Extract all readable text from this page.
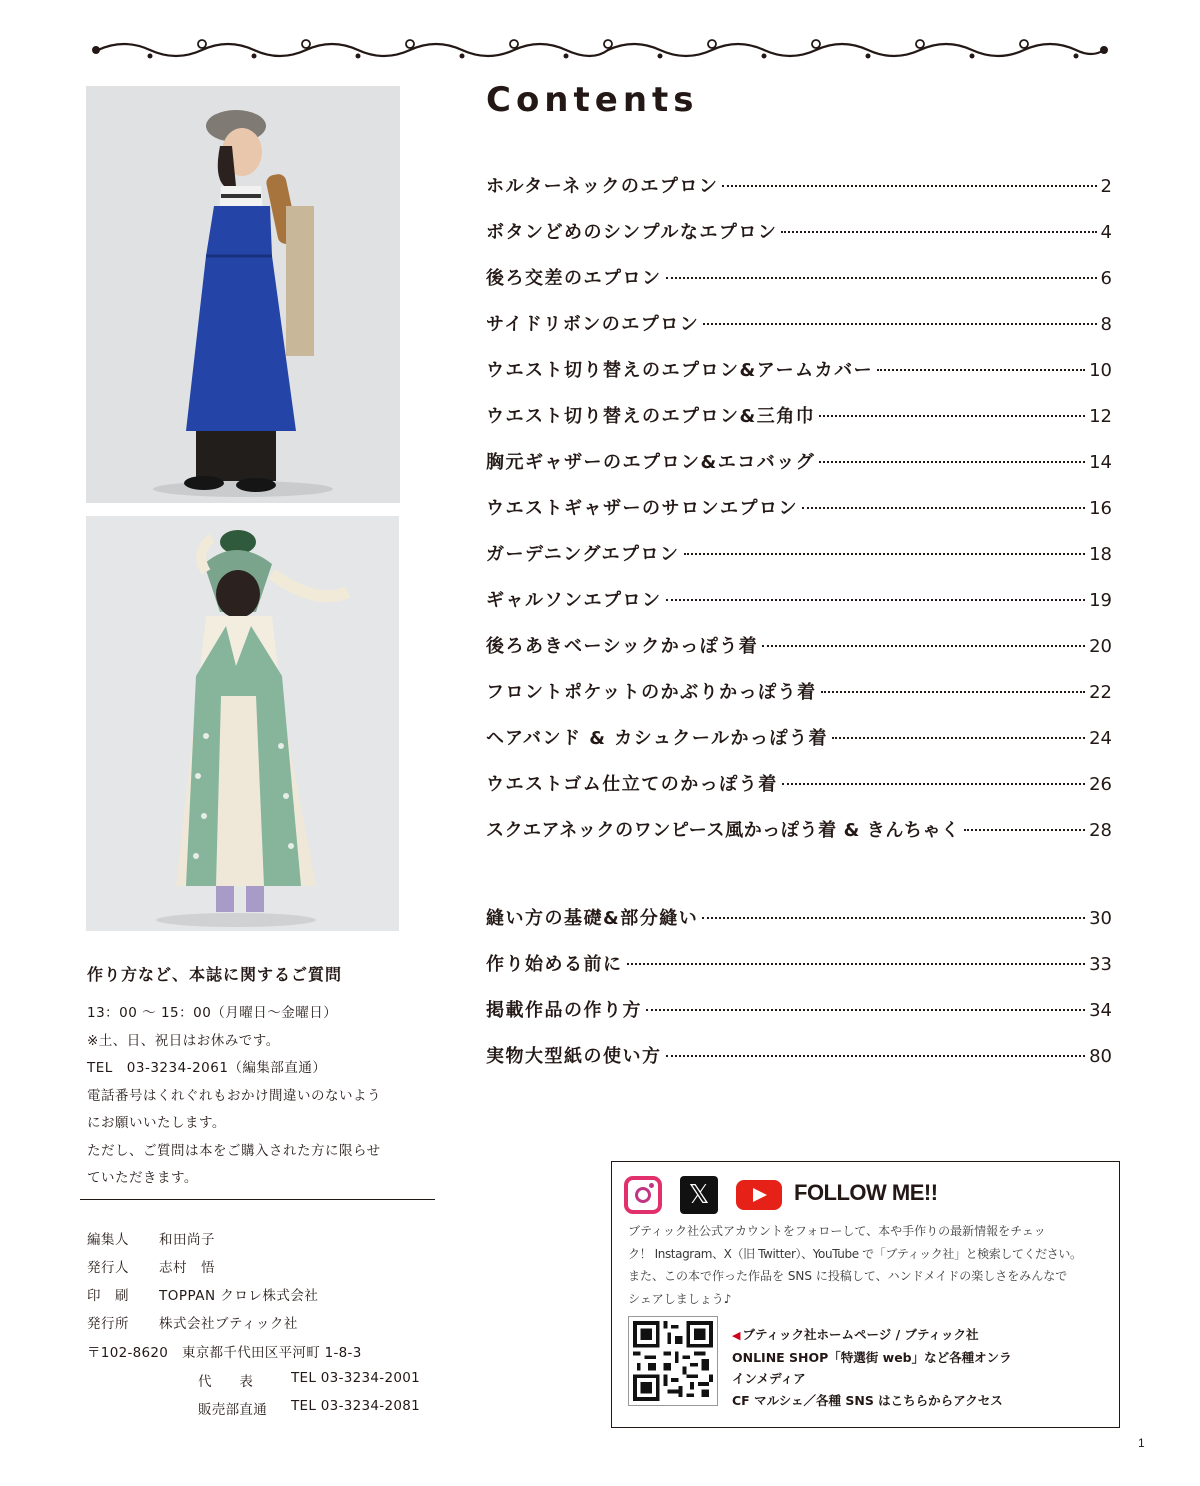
Contents
ホルターネックのエプロン	2
ボタンどめのシンプルなエプロン	4
後ろ交差のエプロン	6
サイドリボンのエプロン	8
ウエスト切り替えのエプロン&アームカバー	10
ウエスト切り替えのエプロン&三角巾	12
胸元ギャザーのエプロン&エコバッグ	14
ウエストギャザーのサロンエプロン	16
ガーデニングエプロン	18
ギャルソンエプロン	19
後ろあきベーシックかっぽう着	20
フロントポケットのかぶりかっぽう着	22
ヘアバンド & カシュクールかっぽう着	24
ウエストゴム仕立てのかっぽう着	26
スクエアネックのワンピース風かっぽう着 & きんちゃく	28
縫い方の基礎&部分縫い	30
作り始める前に	33
掲載作品の作り方	34
実物大型紙の使い方	80
作り方など、本誌に関するご質問
13：00 ～ 15：00（月曜日～金曜日）
※土、日、祝日はお休みです。
TEL　03-3234-2061（編集部直通）
電話番号はくれぐれもおかけ間違いのないよう
にお願いいたします。
ただし、ご質問は本をご購入された方に限らせ
ていただきます。
編集人 和田尚子
発行人 志村　悟
印　刷 TOPPAN クロレ株式会社
発行所 株式会社ブティック社
〒102-8620　東京都千代田区平河町 1-8-3
代　　表	TEL 03-3234-2001
販売部直通 TEL 03-3234-2081
𝕏	FOLLOW ME!!
ブティック社公式アカウントをフォローして、本や手作りの最新情報をチェッ
ク！ Instagram、X（旧 Twitter）、YouTube で「ブティック社」と検索してください。
また、この本で作った作品を SNS に投稿して、ハンドメイドの楽しさをみんなで
シェアしましょう♪
◀ ブティック社ホームページ / ブティック社
ONLINE SHOP「特選街 web」など各種オンラ
インメディア
CF マルシェ／各種 SNS はこちらからアクセス
1
